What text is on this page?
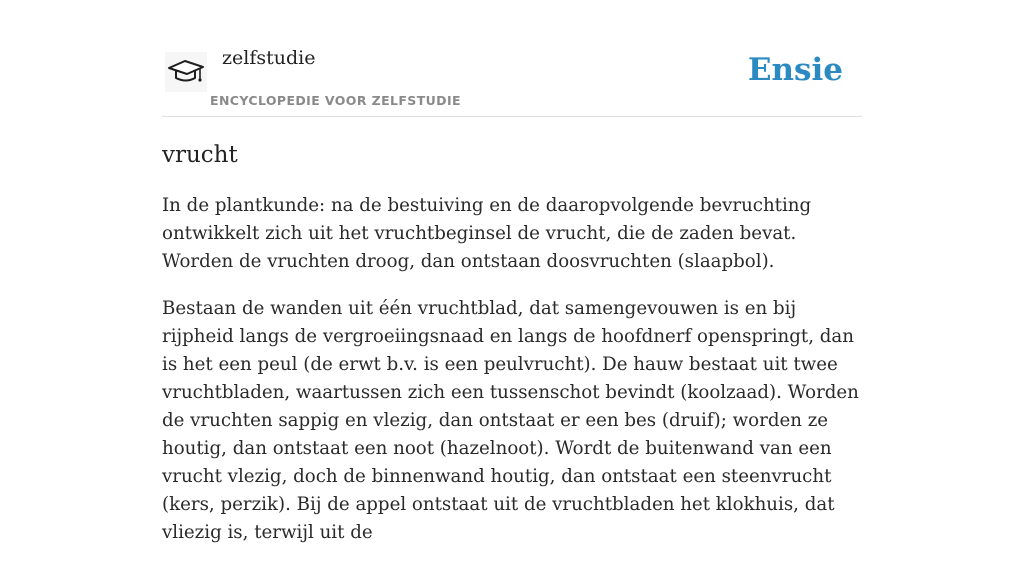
zelfstudie
ENCYCLOPEDIE VOOR ZELFSTUDIE
Ensie
vrucht

In de plantkunde: na de bestuiving en de daaropvolgende bevruchting ontwikkelt zich uit het vruchtbeginsel de vrucht, die de zaden bevat. Worden de vruchten droog, dan ontstaan doosvruchten (slaapbol).

Bestaan de wanden uit één vruchtblad, dat samengevouwen is en bij rijpheid langs de vergroeiingsnaad en langs de hoofdnerf openspringt, dan is het een peul (de erwt b.v. is een peulvrucht). De hauw bestaat uit twee vruchtbladen, waartussen zich een tussenschot bevindt (koolzaad). Worden de vruchten sappig en vlezig, dan ontstaat er een bes (druif); worden ze houtig, dan ontstaat een noot (hazelnoot). Wordt de buitenwand van een vrucht vlezig, doch de binnenwand houtig, dan ontstaat een steenvrucht (kers, perzik). Bij de appel ontstaat uit de vruchtbladen het klokhuis, dat vliezig is, terwijl uit de
